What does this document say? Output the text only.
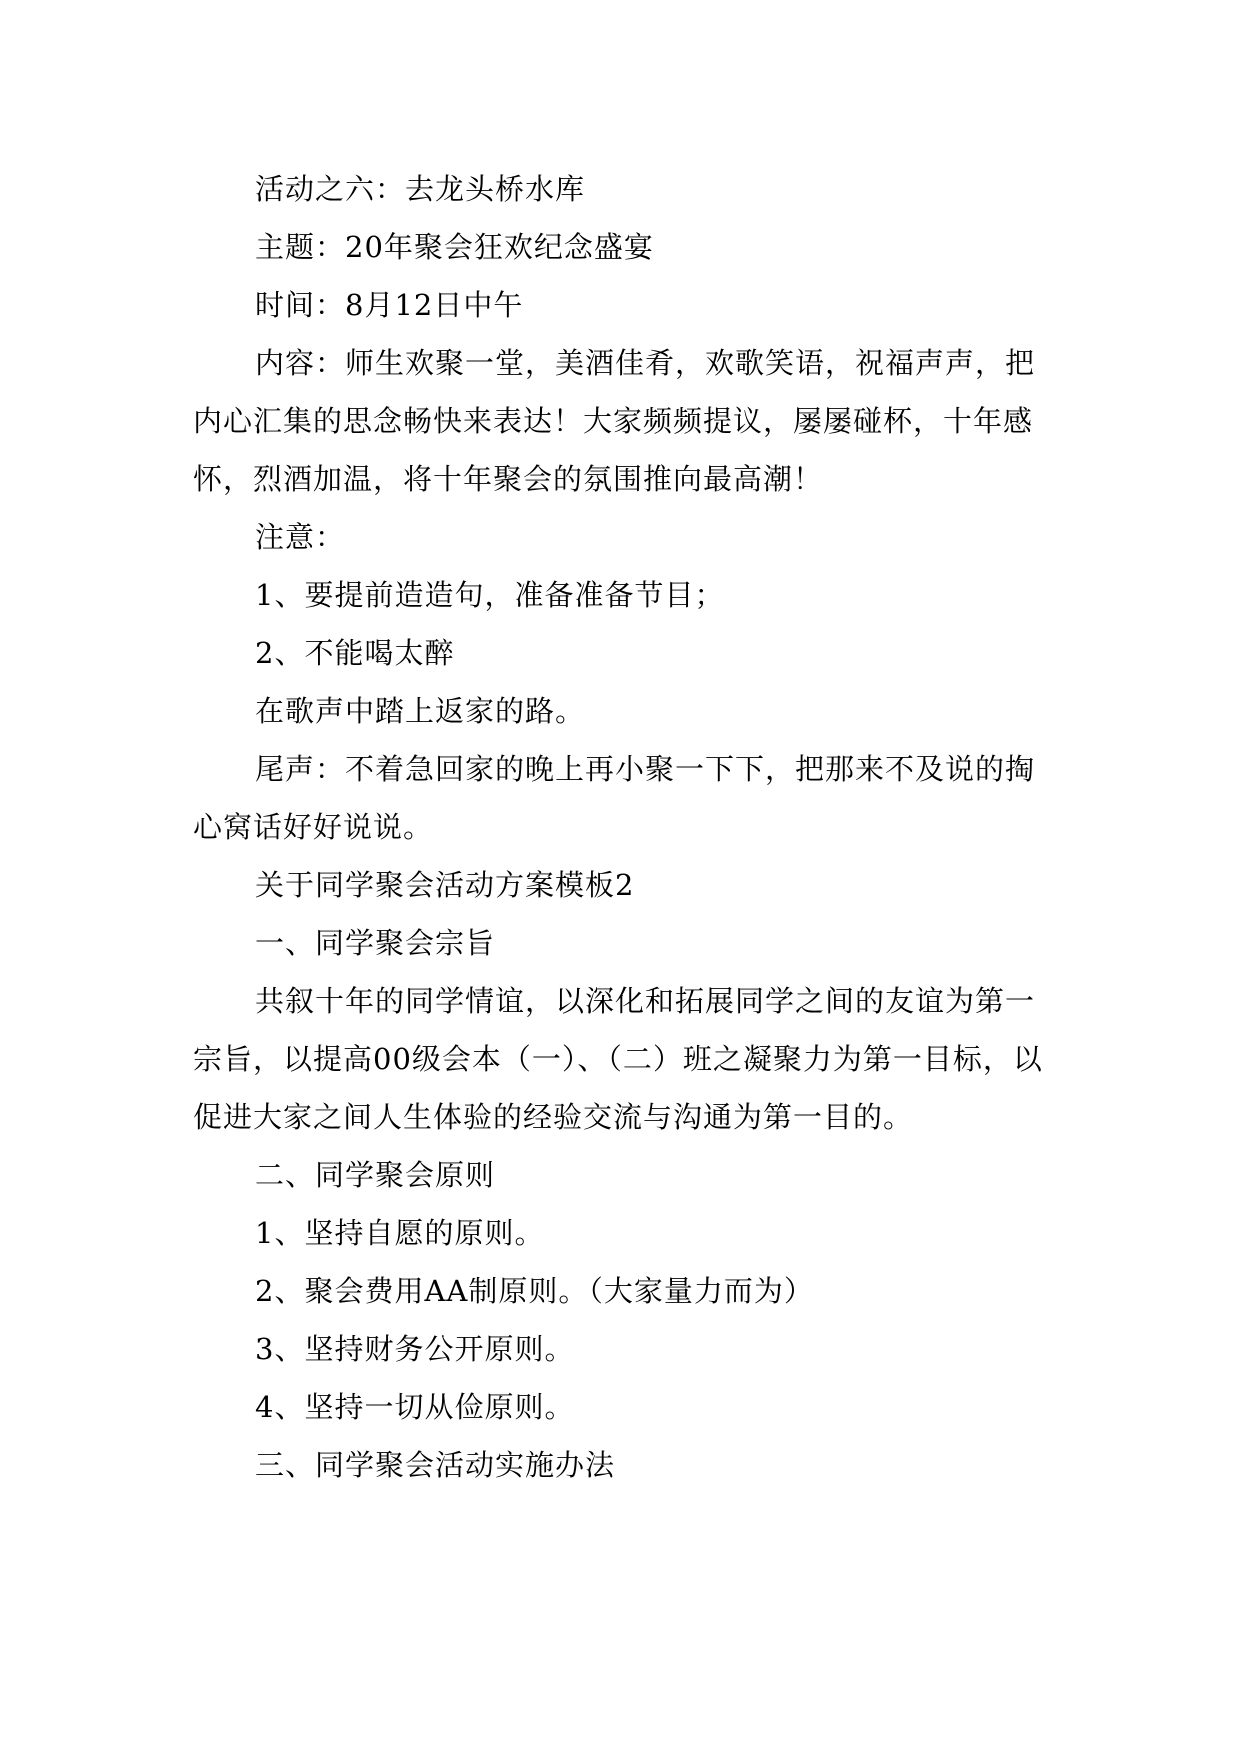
活动之六：去龙头桥水库

主题：20年聚会狂欢纪念盛宴

时间：8月12日中午

内容：师生欢聚一堂，美酒佳肴，欢歌笑语，祝福声声，把内心汇集的思念畅快来表达！大家频频提议，屡屡碰杯，十年感怀，烈酒加温，将十年聚会的氛围推向最高潮！

注意：

1、要提前造造句，准备准备节目；

2、不能喝太醉

在歌声中踏上返家的路。

尾声：不着急回家的晚上再小聚一下下，把那来不及说的掏心窝话好好说说。

关于同学聚会活动方案模板2

一、同学聚会宗旨

共叙十年的同学情谊，以深化和拓展同学之间的友谊为第一宗旨，以提高00级会本（一）、（二）班之凝聚力为第一目标，以促进大家之间人生体验的经验交流与沟通为第一目的。

二、同学聚会原则

1、坚持自愿的原则。

2、聚会费用AA制原则。（大家量力而为）

3、坚持财务公开原则。

4、坚持一切从俭原则。

三、同学聚会活动实施办法
